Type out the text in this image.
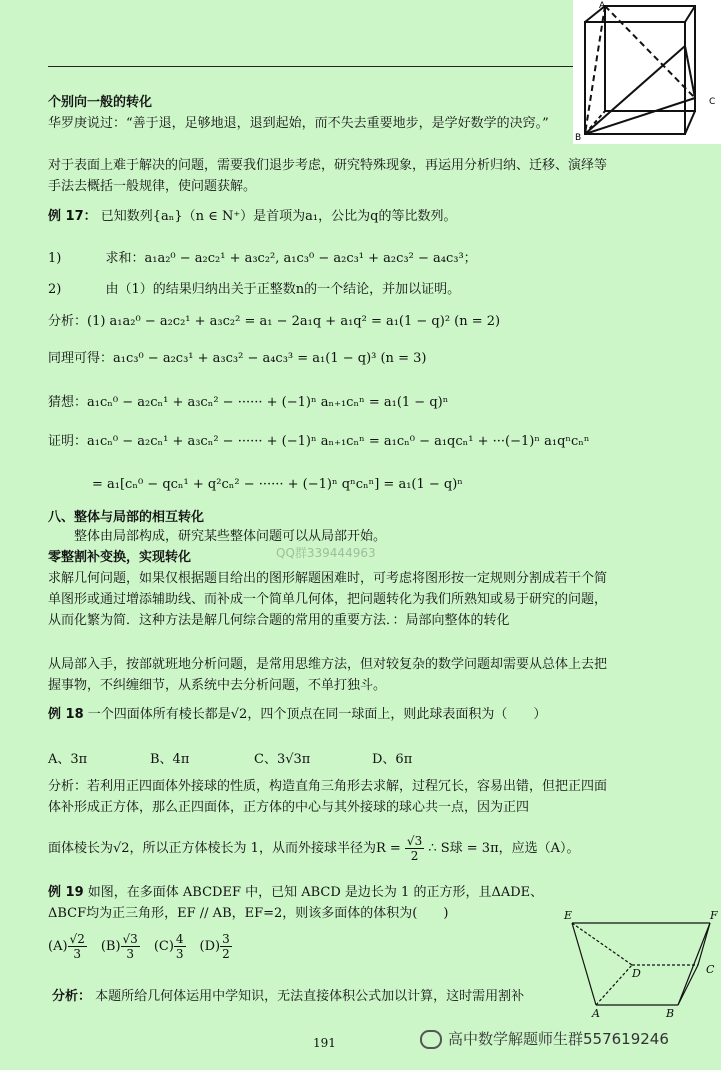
A
B
C
个别向一般的转化
华罗庚说过：“善于退，足够地退，退到起始，而不失去重要地步，是学好数学的决窍。”
对于表面上难于解决的问题，需要我们退步考虑，研究特殊现象，再运用分析归纳、迁移、演绎等手法去概括一般规律，使问题获解。
例 17： 已知数列{aₙ}（n ∈ N⁺）是首项为a₁，公比为q的等比数列。
1)	求和：a₁a₂⁰ − a₂c₂¹ + a₃c₂², a₁c₃⁰ − a₂c₃¹ + a₂c₃² − a₄c₃³；
2)	由（1）的结果归纳出关于正整数n的一个结论，并加以证明。
分析：(1) a₁a₂⁰ − a₂c₂¹ + a₃c₂² = a₁ − 2a₁q + a₁q² = a₁(1 − q)² (n = 2)
同理可得：a₁c₃⁰ − a₂c₃¹ + a₃c₃² − a₄c₃³ = a₁(1 − q)³ (n = 3)
猜想：a₁cₙ⁰ − a₂cₙ¹ + a₃cₙ² − ······ + (−1)ⁿ aₙ₊₁cₙⁿ = a₁(1 − q)ⁿ
证明：a₁cₙ⁰ − a₂cₙ¹ + a₃cₙ² − ······ + (−1)ⁿ aₙ₊₁cₙⁿ = a₁cₙ⁰ − a₁qcₙ¹ + ···(−1)ⁿ a₁qⁿcₙⁿ
= a₁[cₙ⁰ − qcₙ¹ + q²cₙ² − ······ + (−1)ⁿ qⁿcₙⁿ] = a₁(1 − q)ⁿ
八、整体与局部的相互转化
整体由局部构成，研究某些整体问题可以从局部开始。
QQ群339444963
零整割补变换，实现转化
求解几何问题，如果仅根据题目给出的图形解题困难时，可考虑将图形按一定规则分割成若干个简单图形或通过增添辅助线、而补成一个简单几何体，把问题转化为我们所熟知或易于研究的问题，从而化繁为简．这种方法是解几何综合题的常用的重要方法．：局部向整体的转化
从局部入手，按部就班地分析问题，是常用思维方法，但对较复杂的数学问题却需要从总体上去把握事物，不纠缠细节，从系统中去分析问题，不单打独斗。
例 18 一个四面体所有棱长都是√2，四个顶点在同一球面上，则此球表面积为（　　）
A、3π	B、4π	C、3√3π	D、6π
分析：若利用正四面体外接球的性质，构造直角三角形去求解，过程冗长，容易出错，但把正四面体补形成正方体，那么正四面体，正方体的中心与其外接球的球心共一点，因为正四
面体棱长为√2，所以正方体棱长为 1，从而外接球半径为$R = \frac{√3}{2}$ ∴ S球 = 3π，应选（A）。
例 19 如图，在多面体 ABCDEF 中，已知 ABCD 是边长为 1 的正方形，且ΔADE、ΔBCF均为正三角形，EF // AB，EF=2，则该多面体的体积为(　　)
$(A) \frac{√2}{3} (B) \frac{√3}{3} (C) \frac{4}{3} (D) \frac{3}{2}$
分析： 本题所给几何体运用中学知识，无法直接体积公式加以计算，这时需用割补
E	F
D	C
A	B
191	高中数学解题师生群557619246
